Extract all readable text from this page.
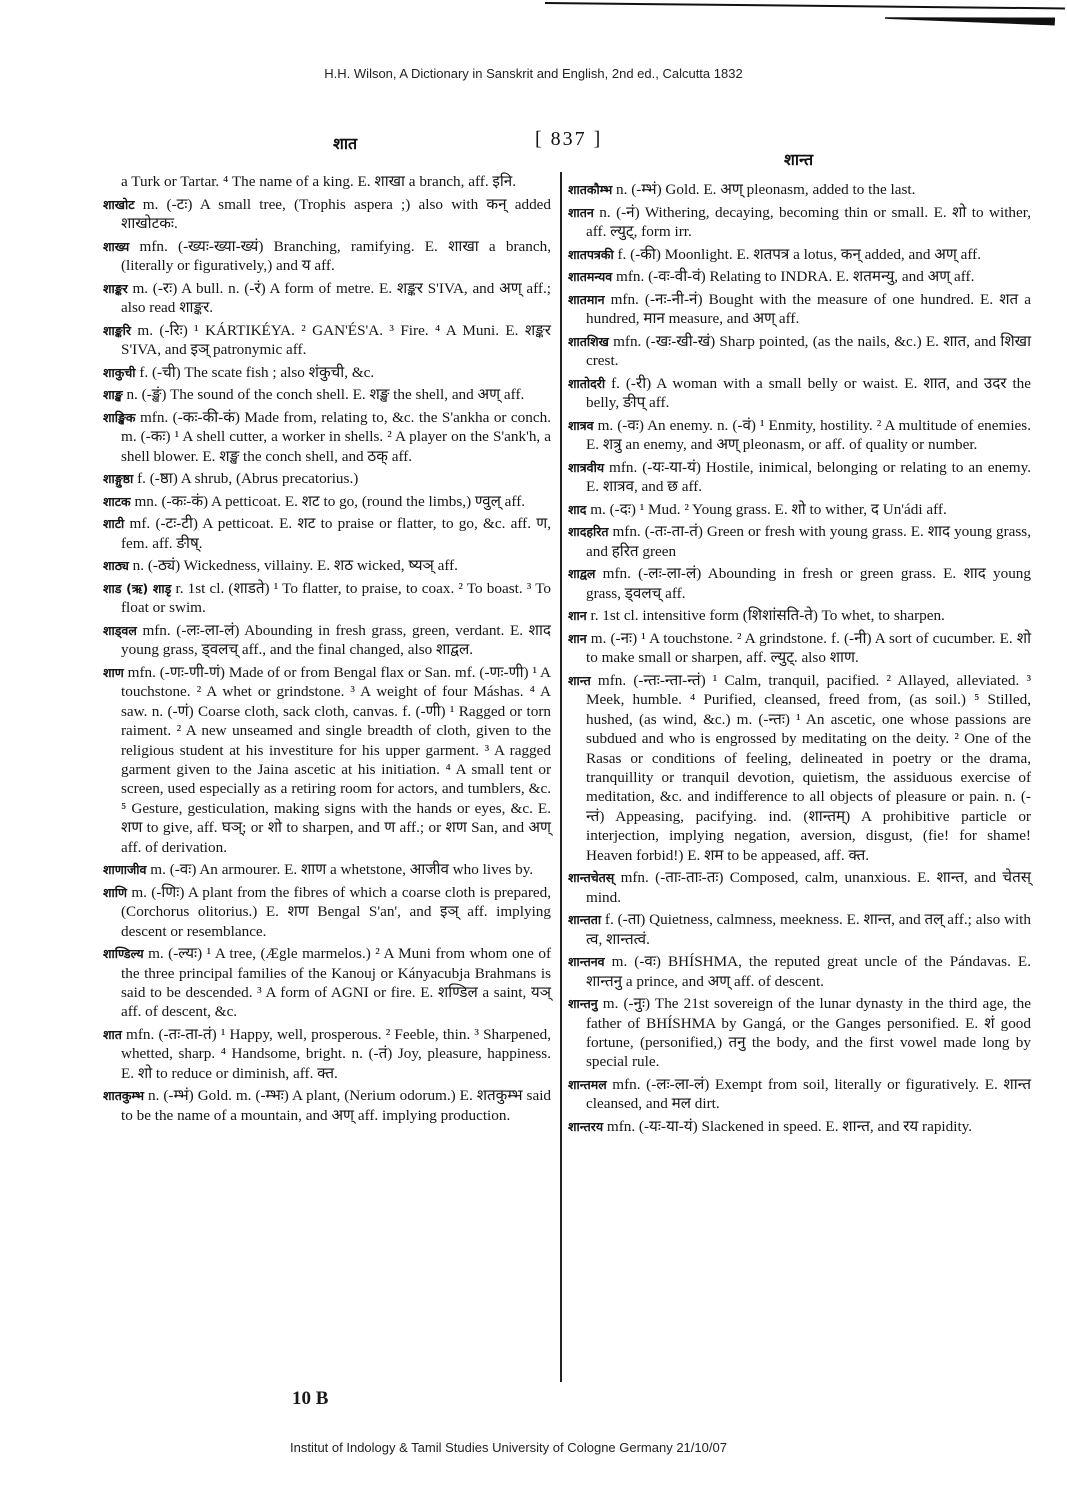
H.H. Wilson, A Dictionary in Sanskrit and English, 2nd ed., Calcutta 1832
शात	[ 837 ]
शान्त

a Turk or Tartar. ⁴ The name of a king. E. शाखा a branch, aff. इनि.

शाखोट m. (-टः) A small tree, (Trophis aspera ;) also with कन् added शाखोटकः.

शाख्य mfn. (-ख्यः-ख्या-ख्यं) Branching, ramifying. E. शाखा a branch, (literally or figuratively,) and य aff.

शाङ्कर m. (-रः) A bull. n. (-रं) A form of metre. E. शङ्कर S'IVA, and अण् aff.; also read शाङ्कर.

शाङ्करि m. (-रिः) ¹ KÁRTIKÉYA. ² GAN'ÉS'A. ³ Fire. ⁴ A Muni. E. शङ्कर S'IVA, and इञ् patronymic aff.

शाकुची f. (-ची) The scate fish ; also शंकुची, &c.

शाङ्ख n. (-ङ्खं) The sound of the conch shell. E. शङ्ख the shell, and अण् aff.

शाङ्खिक mfn. (-कः-की-कं) Made from, relating to, &c. the S'ankha or conch. m. (-कः) ¹ A shell cutter, a worker in shells. ² A player on the S'ank'h, a shell blower. E. शङ्ख the conch shell, and ठक् aff.

शाङ्गुष्ठा f. (-ष्ठा) A shrub, (Abrus precatorius.)

शाटक mn. (-कः-कं) A petticoat. E. शट to go, (round the limbs,) ण्वुल् aff.

शाटी mf. (-टः-टी) A petticoat. E. शट to praise or flatter, to go, &c. aff. ण, fem. aff. ङीष्.

शाठ्य n. (-ठ्यं) Wickedness, villainy. E. शठ wicked, ष्यञ् aff.

शाड (ऋ) शाडृ r. 1st cl. (शाडते) ¹ To flatter, to praise, to coax. ² To boast. ³ To float or swim.

शाड्वल mfn. (-लः-ला-लं) Abounding in fresh grass, green, verdant. E. शाद young grass, ड्वलच् aff., and the final changed, also शाद्वल.

शाण mfn. (-णः-णी-णं) Made of or from Bengal flax or San. mf. (-णः-णी) ¹ A touchstone. ² A whet or grindstone. ³ A weight of four Máshas. ⁴ A saw. n. (-णं) Coarse cloth, sack cloth, canvas. f. (-णी) ¹ Ragged or torn raiment. ² A new unseamed and single breadth of cloth, given to the religious student at his investiture for his upper garment. ³ A ragged garment given to the Jaina ascetic at his initiation. ⁴ A small tent or screen, used especially as a retiring room for actors, and tumblers, &c. ⁵ Gesture, gesticulation, making signs with the hands or eyes, &c. E. शण to give, aff. घञ्; or शो to sharpen, and ण aff.; or शण San, and अण् aff. of derivation.

शाणाजीव m. (-वः) An armourer. E. शाण a whetstone, आजीव who lives by.

शाणि m. (-णिः) A plant from the fibres of which a coarse cloth is prepared, (Corchorus olitorius.) E. शण Bengal S'an', and इञ् aff. implying descent or resemblance.

शाण्डिल्य m. (-ल्यः) ¹ A tree, (Ægle marmelos.) ² A Muni from whom one of the three principal families of the Kanouj or Kányacubja Brahmans is said to be descended. ³ A form of AGNI or fire. E. शण्डिल a saint, यञ् aff. of descent, &c.

शात mfn. (-तः-ता-तं) ¹ Happy, well, prosperous. ² Feeble, thin. ³ Sharpened, whetted, sharp. ⁴ Handsome, bright. n. (-तं) Joy, pleasure, happiness. E. शो to reduce or diminish, aff. क्त.

शातकुम्भ n. (-म्भं) Gold. m. (-म्भः) A plant, (Nerium odorum.) E. शतकुम्भ said to be the name of a mountain, and अण् aff. implying production.

शातकौम्भ n. (-म्भं) Gold. E. अण् pleonasm, added to the last.

शातन n. (-नं) Withering, decaying, becoming thin or small. E. शो to wither, aff. ल्युट्, form irr.

शातपत्रकी f. (-की) Moonlight. E. शतपत्र a lotus, कन् added, and अण् aff.

शातमन्यव mfn. (-वः-वी-वं) Relating to INDRA. E. शतमन्यु, and अण् aff.

शातमान mfn. (-नः-नी-नं) Bought with the measure of one hundred. E. शत a hundred, मान measure, and अण् aff.

शातशिख mfn. (-खः-खी-खं) Sharp pointed, (as the nails, &c.) E. शात, and शिखा crest.

शातोदरी f. (-री) A woman with a small belly or waist. E. शात, and उदर the belly, ङीप् aff.

शात्रव m. (-वः) An enemy. n. (-वं) ¹ Enmity, hostility. ² A multitude of enemies. E. शत्रु an enemy, and अण् pleonasm, or aff. of quality or number.

शात्रवीय mfn. (-यः-या-यं) Hostile, inimical, belonging or relating to an enemy. E. शात्रव, and छ aff.

शाद m. (-दः) ¹ Mud. ² Young grass. E. शो to wither, द Un'ádi aff.

शादहरित mfn. (-तः-ता-तं) Green or fresh with young grass. E. शाद young grass, and हरित green

शाद्वल mfn. (-लः-ला-लं) Abounding in fresh or green grass. E. शाद young grass, ड्वलच् aff.

शान r. 1st cl. intensitive form (शिशांसति-ते) To whet, to sharpen.

शान m. (-नः) ¹ A touchstone. ² A grindstone. f. (-नी) A sort of cucumber. E. शो to make small or sharpen, aff. ल्युट्. also शाण.

शान्त mfn. (-न्तः-न्ता-न्तं) ¹ Calm, tranquil, pacified. ² Allayed, alleviated. ³ Meek, humble. ⁴ Purified, cleansed, freed from, (as soil.) ⁵ Stilled, hushed, (as wind, &c.) m. (-न्तः) ¹ An ascetic, one whose passions are subdued and who is engrossed by meditating on the deity. ² One of the Rasas or conditions of feeling, delineated in poetry or the drama, tranquillity or tranquil devotion, quietism, the assiduous exercise of meditation, &c. and indifference to all objects of pleasure or pain. n. (-न्तं) Appeasing, pacifying. ind. (शान्तम्) A prohibitive particle or interjection, implying negation, aversion, disgust, (fie! for shame! Heaven forbid!) E. शम to be appeased, aff. क्त.

शान्तचेतस् mfn. (-ताः-ताः-तः) Composed, calm, unanxious. E. शान्त, and चेतस् mind.

शान्तता f. (-ता) Quietness, calmness, meekness. E. शान्त, and तल् aff.; also with त्व, शान्तत्वं.

शान्तनव m. (-वः) BHÍSHMA, the reputed great uncle of the Pándavas. E. शान्तनु a prince, and अण् aff. of descent.

शान्तनु m. (-नुः) The 21st sovereign of the lunar dynasty in the third age, the father of BHÍSHMA by Gangá, or the Ganges personified. E. शं good fortune, (personified,) तनु the body, and the first vowel made long by special rule.

शान्तमल mfn. (-लः-ला-लं) Exempt from soil, literally or figuratively. E. शान्त cleansed, and मल dirt.

शान्तरय mfn. (-यः-या-यं) Slackened in speed. E. शान्त, and रय rapidity.

10 B
Institut of Indology & Tamil Studies University of Cologne Germany 21/10/07
